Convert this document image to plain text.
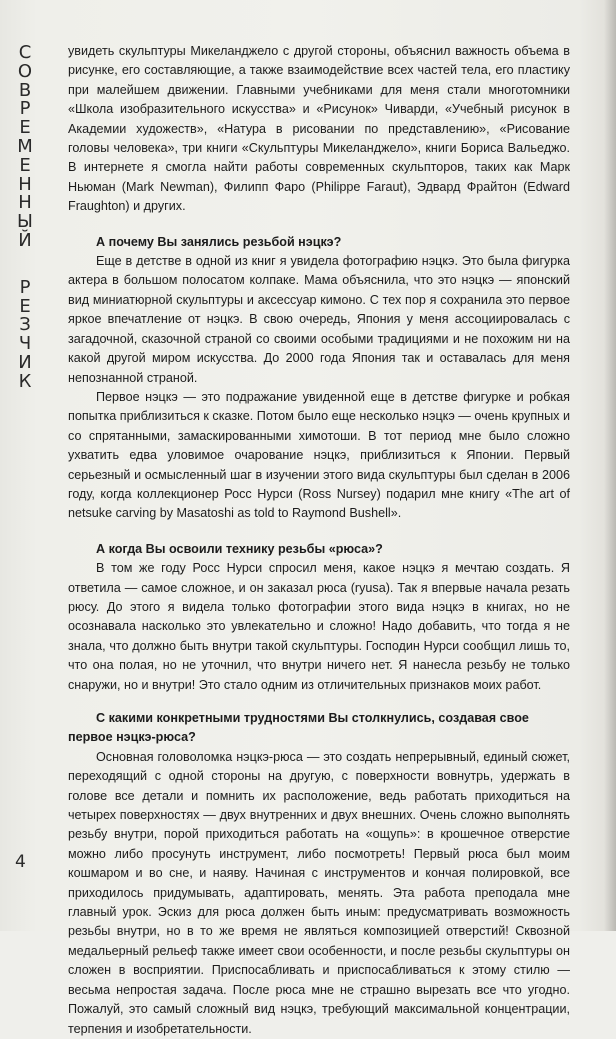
С
О
В
Р
Е
М
Е
Н
Н
Ы
Й
Р
Е
З
Ч
И
К
4

увидеть скульптуры Микеланджело с другой стороны, объяснил важность объема в рисунке, его составляющие, а также взаимодействие всех частей тела, его пластику при малейшем движении. Главными учебниками для меня стали многотомники «Школа изобразительного искусства» и «Рисунок» Чиварди, «Учебный рисунок в Академии художеств», «Натура в рисовании по представлению», «Рисование головы человека», три книги «Скульптуры Микеланджело», книги Бориса Вальеджо. В интернете я смогла найти работы современных скульпторов, таких как Марк Ньюман (Mark Newman), Филипп Фаро (Philippe Faraut), Эдвард Фрайтон (Edward Fraughton) и других.

А почему Вы занялись резьбой нэцкэ?

Еще в детстве в одной из книг я увидела фотографию нэцкэ. Это была фигурка актера в большом полосатом колпаке. Мама объяснила, что это нэцкэ — японский вид миниатюрной скульптуры и аксессуар кимоно. С тех пор я сохранила это первое яркое впечатление от нэцкэ. В свою очередь, Япония у меня ассоциировалась с загадочной, сказочной страной со своими особыми традициями и не похожим ни на какой другой миром искусства. До 2000 года Япония так и оставалась для меня непознанной страной.

Первое нэцкэ — это подражание увиденной еще в детстве фигурке и робкая попытка приблизиться к сказке. Потом было еще несколько нэцкэ — очень крупных и со спрятанными, замаскированными химотоши. В тот период мне было сложно ухватить едва уловимое очарование нэцкэ, приблизиться к Японии. Первый серьезный и осмысленный шаг в изучении этого вида скульптуры был сделан в 2006 году, когда коллекционер Росс Нурси (Ross Nursey) подарил мне книгу «The art of netsuke carving by Masatoshi as told to Raymond Bushell».

А когда Вы освоили технику резьбы «рюса»?

В том же году Росс Нурси спросил меня, какое нэцкэ я мечтаю создать. Я ответила — самое сложное, и он заказал рюса (ryusa). Так я впервые начала резать рюсу. До этого я видела только фотографии этого вида нэцкэ в книгах, но не осознавала насколько это увлекательно и сложно! Надо добавить, что тогда я не знала, что должно быть внутри такой скульптуры. Господин Нурси сообщил лишь то, что она полая, но не уточнил, что внутри ничего нет. Я нанесла резьбу не только снаружи, но и внутри! Это стало одним из отличительных признаков моих работ.

С какими конкретными трудностями Вы столкнулись, создавая свое первое нэцкэ-рюса?

Основная головоломка нэцкэ-рюса — это создать непрерывный, единый сюжет, переходящий с одной стороны на другую, с поверхности вовнутрь, удержать в голове все детали и помнить их расположение, ведь работать приходиться на четырех поверхностях — двух внутренних и двух внешних. Очень сложно выполнять резьбу внутри, порой приходиться работать на «ощупь»: в крошечное отверстие можно либо просунуть инструмент, либо посмотреть! Первый рюса был моим кошмаром и во сне, и наяву. Начиная с инструментов и кончая полировкой, все приходилось придумывать, адаптировать, менять. Эта работа преподала мне главный урок. Эскиз для рюса должен быть иным: предусматривать возможность резьбы внутри, но в то же время не являться композицией отверстий! Сквозной медальерный рельеф также имеет свои особенности, и после резьбы скульптуры он сложен в восприятии. Приспосабливать и приспосабливаться к этому стилю — весьма непростая задача. После рюса мне не страшно вырезать все что угодно. Пожалуй, это самый сложный вид нэцкэ, требующий максимальной концентрации, терпения и изобретательности.
